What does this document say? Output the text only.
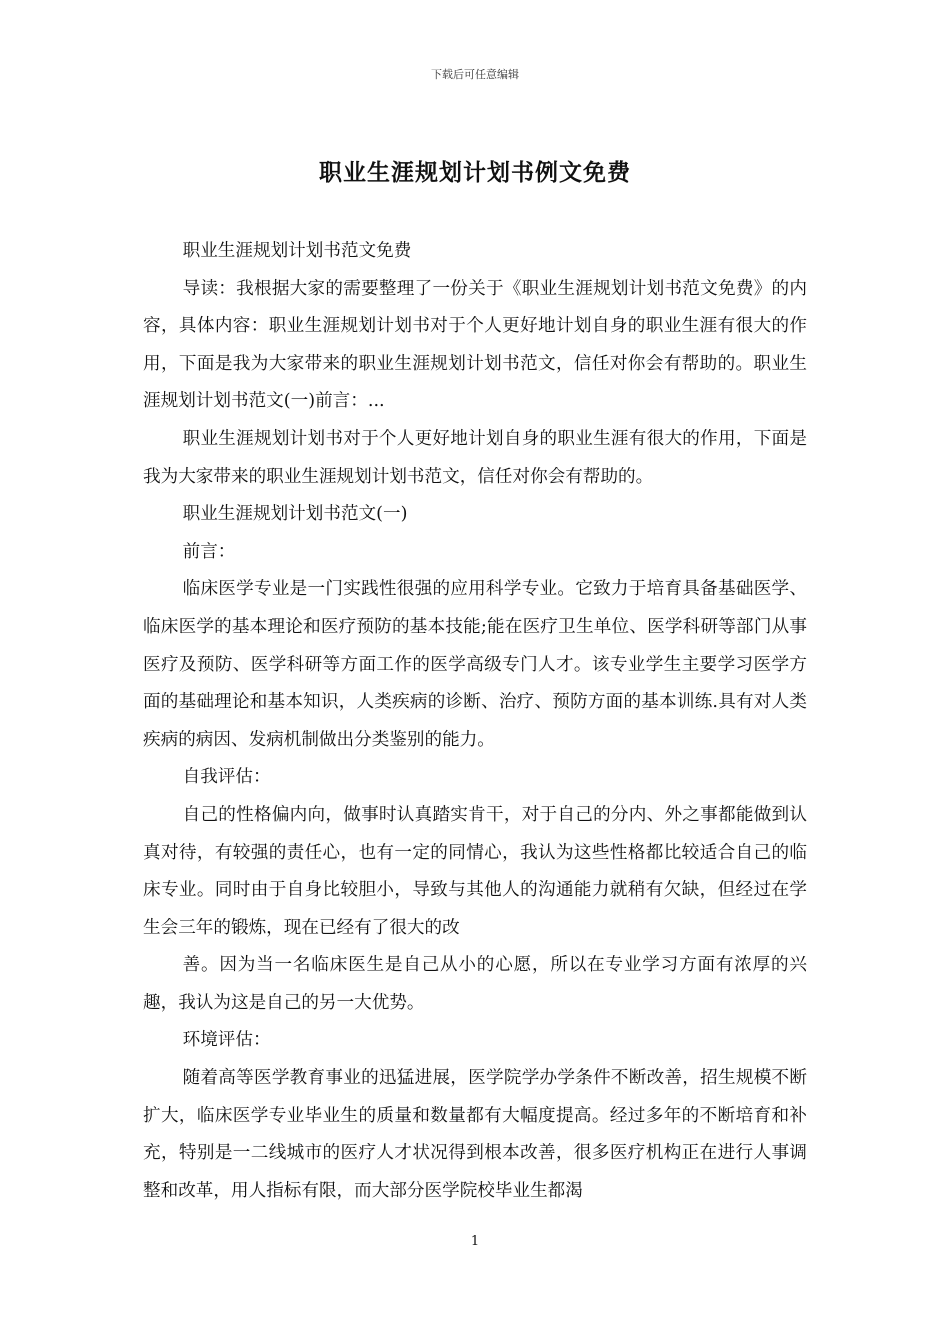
下载后可任意编辑
职业生涯规划计划书例文免费

职业生涯规划计划书范文免费

导读：我根据大家的需要整理了一份关于《职业生涯规划计划书范文免费》的内容，具体内容：职业生涯规划计划书对于个人更好地计划自身的职业生涯有很大的作用，下面是我为大家带来的职业生涯规划计划书范文，信任对你会有帮助的。职业生涯规划计划书范文(一)前言：...

职业生涯规划计划书对于个人更好地计划自身的职业生涯有很大的作用，下面是我为大家带来的职业生涯规划计划书范文，信任对你会有帮助的。

职业生涯规划计划书范文(一)

前言：

临床医学专业是一门实践性很强的应用科学专业。它致力于培育具备基础医学、临床医学的基本理论和医疗预防的基本技能;能在医疗卫生单位、医学科研等部门从事医疗及预防、医学科研等方面工作的医学高级专门人才。该专业学生主要学习医学方面的基础理论和基本知识，人类疾病的诊断、治疗、预防方面的基本训练.具有对人类疾病的病因、发病机制做出分类鉴别的能力。

自我评估：

自己的性格偏内向，做事时认真踏实肯干，对于自己的分内、外之事都能做到认真对待，有较强的责任心，也有一定的同情心，我认为这些性格都比较适合自己的临床专业。同时由于自身比较胆小，导致与其他人的沟通能力就稍有欠缺，但经过在学生会三年的锻炼，现在已经有了很大的改

善。因为当一名临床医生是自己从小的心愿，所以在专业学习方面有浓厚的兴趣，我认为这是自己的另一大优势。

环境评估：

随着高等医学教育事业的迅猛进展，医学院学办学条件不断改善，招生规模不断扩大，临床医学专业毕业生的质量和数量都有大幅度提高。经过多年的不断培育和补充，特别是一二线城市的医疗人才状况得到根本改善，很多医疗机构正在进行人事调整和改革，用人指标有限，而大部分医学院校毕业生都渴

1
